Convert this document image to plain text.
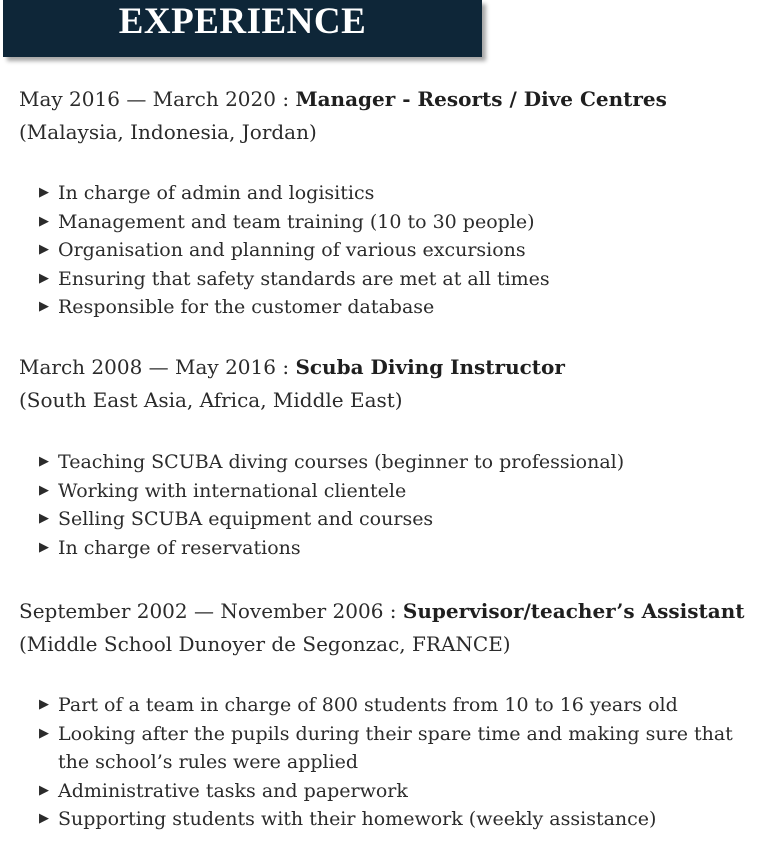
EXPERIENCE
May 2016 — March 2020 : Manager - Resorts / Dive Centres
(Malaysia, Indonesia, Jordan)
▶ In charge of admin and logisitics
▶ Management and team training (10 to 30 people)
▶ Organisation and planning of various excursions
▶ Ensuring that safety standards are met at all times
▶ Responsible for the customer database
March 2008 — May 2016 : Scuba Diving Instructor
(South East Asia, Africa, Middle East)
▶ Teaching SCUBA diving courses (beginner to professional)
▶ Working with international clientele
▶ Selling SCUBA equipment and courses
▶ In charge of reservations
September 2002 — November 2006 : Supervisor/teacher’s Assistant
(Middle School Dunoyer de Segonzac, FRANCE)
▶ Part of a team in charge of 800 students from 10 to 16 years old
▶ Looking after the pupils during their spare time and making sure that the school’s rules were applied
▶ Administrative tasks and paperwork
▶ Supporting students with their homework (weekly assistance)
